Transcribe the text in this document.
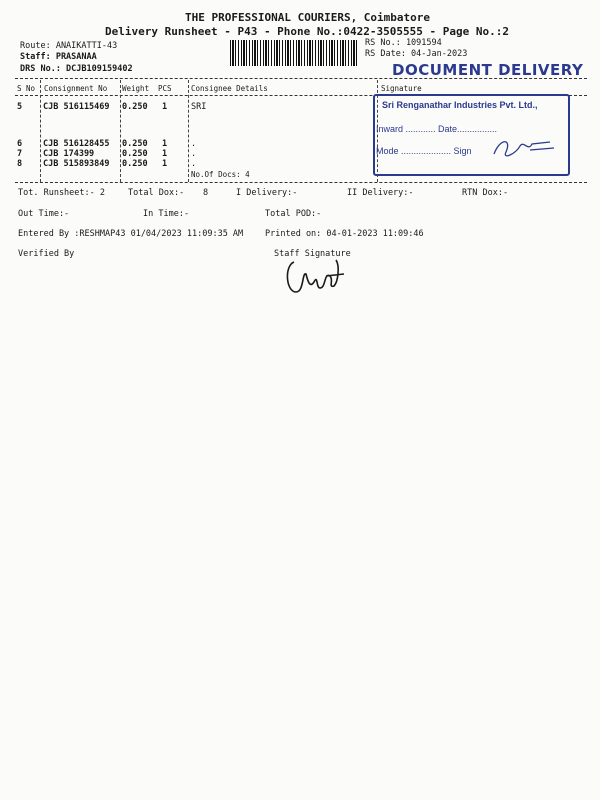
THE PROFESSIONAL COURIERS, Coimbatore
Delivery Runsheet - P43 - Phone No.:0422-3505555 - Page No.:2
Route: ANAIKATTI-43
Staff: PRASANAA
DRS No.: DCJB109159402
RS No.: 1091594
RS Date: 04-Jan-2023
DOCUMENT DELIVERY
S No Consignment No Weight PCS	Consignee Details	Signature
5 CJB 516115469 0.250 1	SRI
6 CJB 516128455 0.250 1	.
7 CJB 174399	0.250 1	.
8 CJB 515893849 0.250 1	.
No.Of Docs: 4
Sri Renganathar Industries Pvt. Ltd.,
Inward ............ Date................
Mode .................... Sign
Tot. Runsheet:- 2	Total Dox:- 8	I Delivery:-	II Delivery:-	RTN Dox:-
Out Time:-	In Time:-	Total POD:-
Entered By :RESHMAP43 01/04/2023 11:09:35 AM	Printed on: 04-01-2023 11:09:46
Verified By	Staff Signature
